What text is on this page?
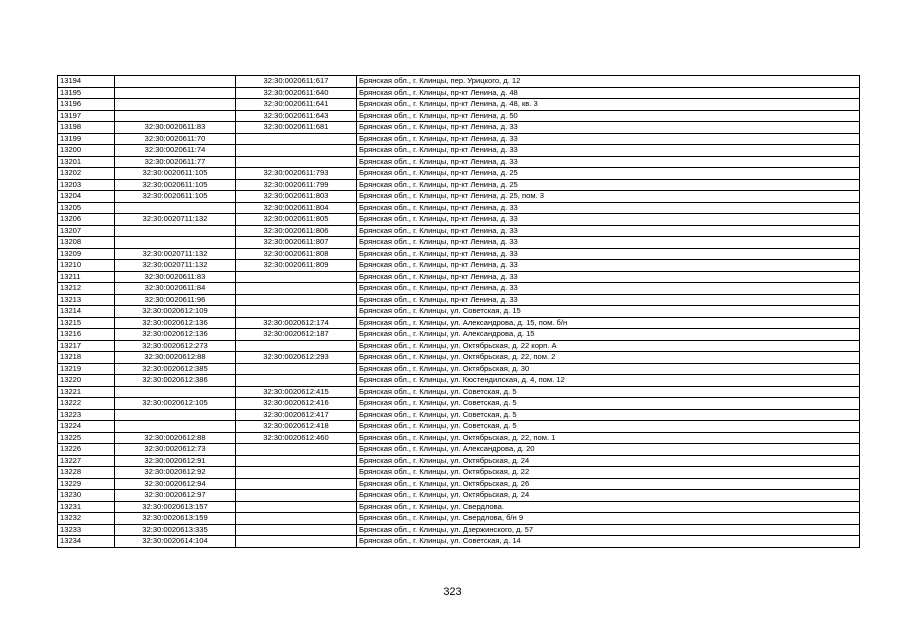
13194		32:30:0020611:617	Брянская обл., г. Клинцы, пер. Урицкого, д. 12
13195		32:30:0020611:640	Брянская обл., г. Клинцы, пр-кт Ленина, д. 48
13196		32:30:0020611:641	Брянская обл., г. Клинцы, пр-кт Ленина, д. 48, кв. 3
13197		32:30:0020611:643	Брянская обл., г. Клинцы, пр-кт Ленина, д. 50
13198	32:30:0020611:83	32:30:0020611:681	Брянская обл., г. Клинцы, пр-кт Ленина, д. 33
13199	32:30:0020611:70		Брянская обл., г. Клинцы, пр-кт Ленина, д. 33
13200	32:30:0020611:74		Брянская обл., г. Клинцы, пр-кт Ленина, д. 33
13201	32:30:0020611:77		Брянская обл., г. Клинцы, пр-кт Ленина, д. 33
13202	32:30:0020611:105	32:30:0020611:793	Брянская обл., г. Клинцы, пр-кт Ленина, д. 25
13203	32:30:0020611:105	32:30:0020611:799	Брянская обл., г. Клинцы, пр-кт Ленина, д. 25
13204	32:30:0020611:105	32:30:0020611:803	Брянская обл., г. Клинцы, пр-кт Ленина, д. 25, пом. 3
13205		32:30:0020611:804	Брянская обл., г. Клинцы, пр-кт Ленина, д. 33
13206	32:30:0020711:132	32:30:0020611:805	Брянская обл., г. Клинцы, пр-кт Ленина, д. 33
13207		32:30:0020611:806	Брянская обл., г. Клинцы, пр-кт Ленина, д. 33
13208		32:30:0020611:807	Брянская обл., г. Клинцы, пр-кт Ленина, д. 33
13209	32:30:0020711:132	32:30:0020611:808	Брянская обл., г. Клинцы, пр-кт Ленина, д. 33
13210	32:30:0020711:132	32:30:0020611:809	Брянская обл., г. Клинцы, пр-кт Ленина, д. 33
13211	32:30:0020611:83		Брянская обл., г. Клинцы, пр-кт Ленина, д. 33
13212	32:30:0020611:84		Брянская обл., г. Клинцы, пр-кт Ленина, д. 33
13213	32:30:0020611:96		Брянская обл., г. Клинцы, пр-кт Ленина, д. 33
13214	32:30:0020612:109		Брянская обл., г. Клинцы, ул. Советская, д. 15
13215	32:30:0020612:136	32:30:0020612:174	Брянская обл., г. Клинцы, ул. Александрова, д. 15, пом. б/н
13216	32:30:0020612:136	32:30:0020612:187	Брянская обл., г. Клинцы, ул. Александрова, д. 15
13217	32:30:0020612:273		Брянская обл., г. Клинцы, ул. Октябрьская, д. 22 корп. А
13218	32:30:0020612:88	32:30:0020612:293	Брянская обл., г. Клинцы, ул. Октябрьская, д. 22, пом. 2
13219	32:30:0020612:385		Брянская обл., г. Клинцы, ул. Октябрьская, д. 30
13220	32:30:0020612:386		Брянская обл., г. Клинцы, ул. Кюстендилская, д. 4, пом. 12
13221		32:30:0020612:415	Брянская обл., г. Клинцы, ул. Советская, д. 5
13222	32:30:0020612:105	32:30:0020612:416	Брянская обл., г. Клинцы, ул. Советская, д. 5
13223		32:30:0020612:417	Брянская обл., г. Клинцы, ул. Советская, д. 5
13224		32:30:0020612:418	Брянская обл., г. Клинцы, ул. Советская, д. 5
13225	32:30:0020612:88	32:30:0020612:460	Брянская обл., г. Клинцы, ул. Октябрьская, д. 22, пом. 1
13226	32:30:0020612:73		Брянская обл., г. Клинцы, ул. Александрова, д. 20
13227	32:30:0020612:91		Брянская обл., г. Клинцы, ул. Октябрьская, д. 24
13228	32:30:0020612:92		Брянская обл., г. Клинцы, ул. Октябрьская, д. 22
13229	32:30:0020612:94		Брянская обл., г. Клинцы, ул. Октябрьская, д. 26
13230	32:30:0020612:97		Брянская обл., г. Клинцы, ул. Октябрьская, д. 24
13231	32:30:0020613:157		Брянская обл., г. Клинцы, ул. Свердлова.
13232	32:30:0020613:159		Брянская обл., г. Клинцы, ул. Свердлова, б/н 9
13233	32:30:0020613:335		Брянская обл., г. Клинцы, ул. Дзержинского, д. 57
13234	32:30:0020614:104		Брянская обл., г. Клинцы, ул. Советская, д. 14
323
